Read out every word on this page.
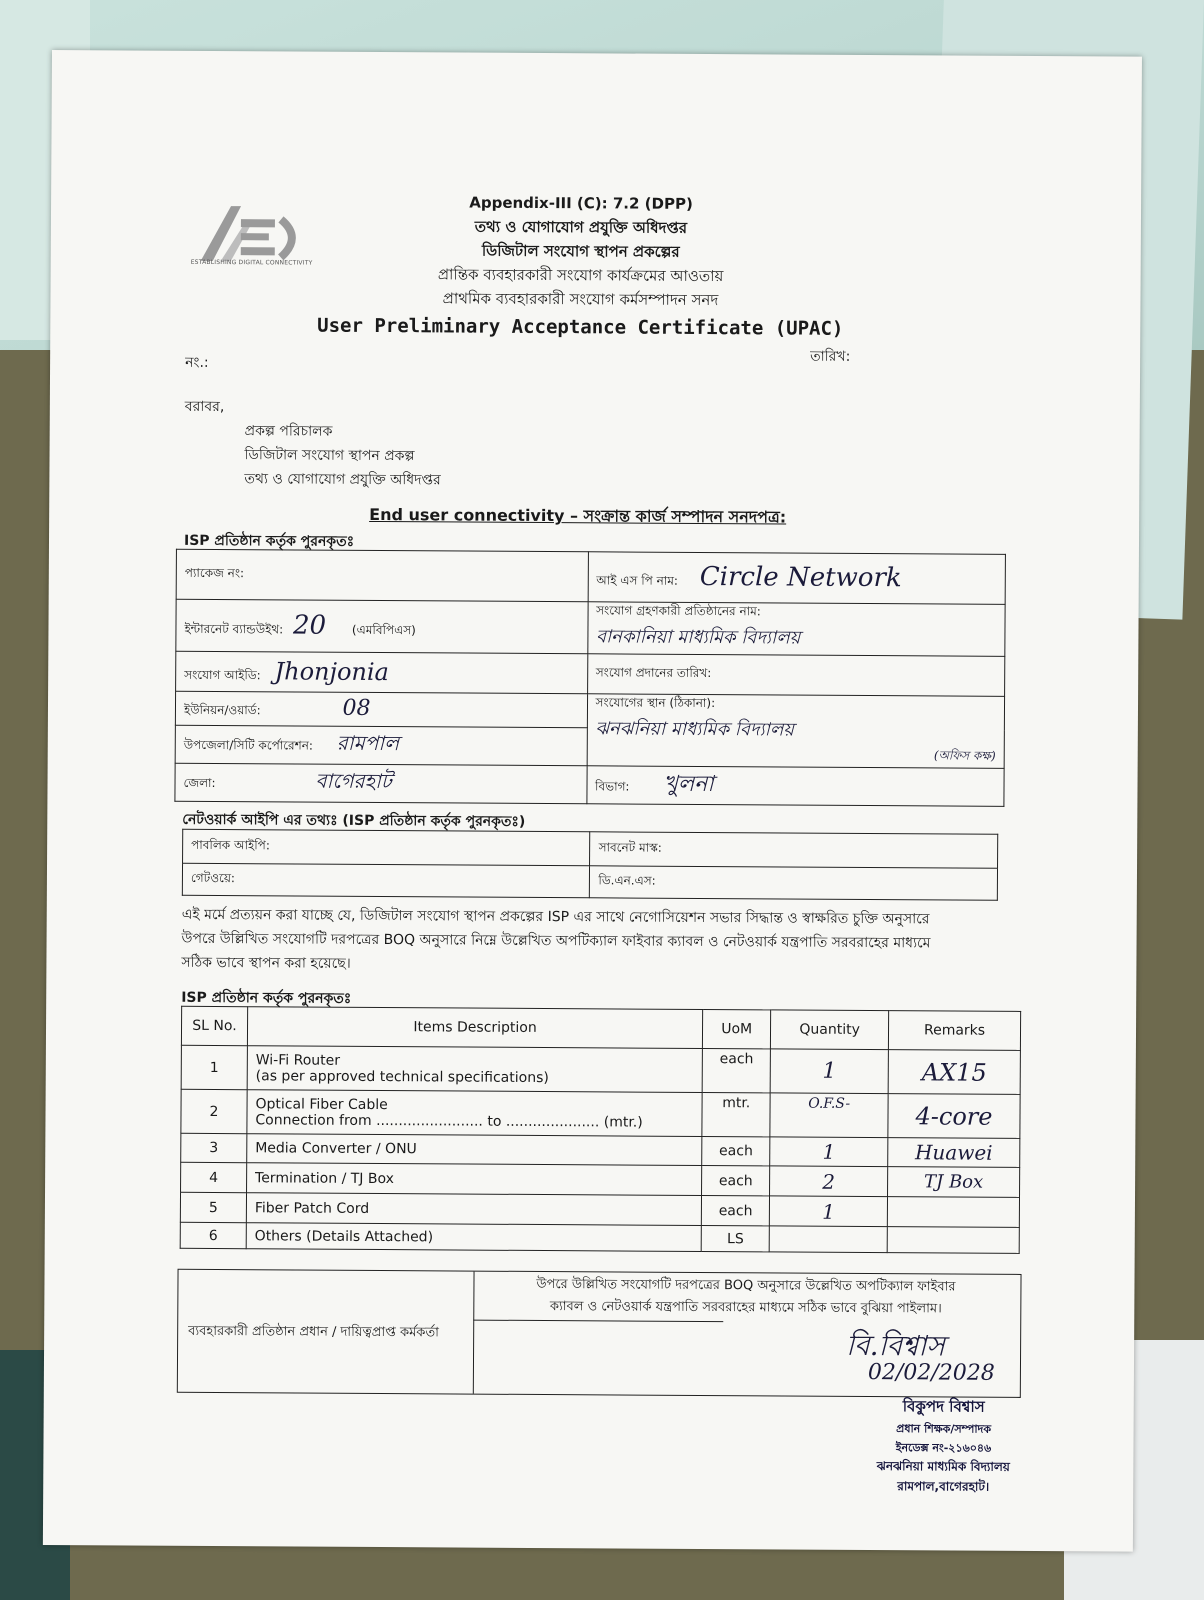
ESTABLISHING DIGITAL CONNECTIVITY
Appendix-III (C): 7.2 (DPP)
তথ্য ও যোগাযোগ প্রযুক্তি অধিদপ্তর
ডিজিটাল সংযোগ স্থাপন প্রকল্পের
প্রান্তিক ব্যবহারকারী সংযোগ কার্যক্রমের আওতায়
প্রাথমিক ব্যবহারকারী সংযোগ কর্মসম্পাদন সনদ
User Preliminary Acceptance Certificate (UPAC)
নং.:	তারিখ:
বরাবর,
প্রকল্প পরিচালক
ডিজিটাল সংযোগ স্থাপন প্রকল্প
তথ্য ও যোগাযোগ প্রযুক্তি অধিদপ্তর
End user connectivity – সংক্রান্ত কার্জ সম্পাদন সনদপত্র:
ISP প্রতিষ্ঠান কর্তৃক পুরনকৃতঃ
প্যাকেজ নং:	আই এস পি নাম: Circle Network
ইন্টারনেট ব্যান্ডউইথ: 20 (এমবিপিএস)	সংযোগ গ্রহণকারী প্রতিষ্ঠানের নাম:
বানকানিয়া মাধ্যমিক বিদ্যালয়

সংযোগ আইডি: Jhonjonia	সংযোগ প্রদানের তারিখ:
ইউনিয়ন/ওয়ার্ড: 08	সংযোগের স্থান (ঠিকানা):
ঝনঝনিয়া মাধ্যমিক বিদ্যালয়
(অফিস কক্ষ)

উপজেলা/সিটি কর্পোরেশন: রামপাল	
জেলা: বাগেরহাট	বিভাগ: খুলনা
নেটওয়ার্ক আইপি এর তথ্যঃ (ISP প্রতিষ্ঠান কর্তৃক পুরনকৃতঃ)
পাবলিক আইপি:	সাবনেট মাস্ক:
গেটওয়ে:	ডি.এন.এস:
এই মর্মে প্রত্যয়ন করা যাচ্ছে যে, ডিজিটাল সংযোগ স্থাপন প্রকল্পের ISP এর সাথে নেগোসিয়েশন সভার সিদ্ধান্ত ও স্বাক্ষরিত চুক্তি অনুসারে
উপরে উল্লিখিত সংযোগটি দরপত্রের BOQ অনুসারে নিম্নে উল্লেখিত অপটিক্যাল ফাইবার ক্যাবল ও নেটওয়ার্ক যন্ত্রপাতি সরবরাহের মাধ্যমে
সঠিক ভাবে স্থাপন করা হয়েছে।
ISP প্রতিষ্ঠান কর্তৃক পুরনকৃতঃ
SL No.	Items Description	UoM	Quantity	Remarks
1	Wi-Fi Router
(as per approved technical specifications)	each	1	AX15
2	Optical Fiber Cable
Connection from ........................ to ..................... (mtr.)	mtr.	O.F.S-	4-core
3	Media Converter / ONU	each	1	Huawei
4	Termination / TJ Box	each	2	TJ Box
5	Fiber Patch Cord	each	1	
6	Others (Details Attached)	LS		
ব্যবহারকারী প্রতিষ্ঠান প্রধান / দায়িত্বপ্রাপ্ত কর্মকর্তা
উপরে উল্লিখিত সংযোগটি দরপত্রের BOQ অনুসারে উল্লেখিত অপটিক্যাল ফাইবার
ক্যাবল ও নেটওয়ার্ক যন্ত্রপাতি সরবরাহের মাধ্যমে সঠিক ভাবে বুঝিয়া পাইলাম।
বি.বিশ্বাস
02/02/2028
বিকুপদ বিশ্বাস
প্রধান শিক্ষক/সম্পাদক
ইনডেক্স নং-২১৬০৪৬
ঝনঝনিয়া মাধ্যমিক বিদ্যালয়
রামপাল,বাগেরহাট।
